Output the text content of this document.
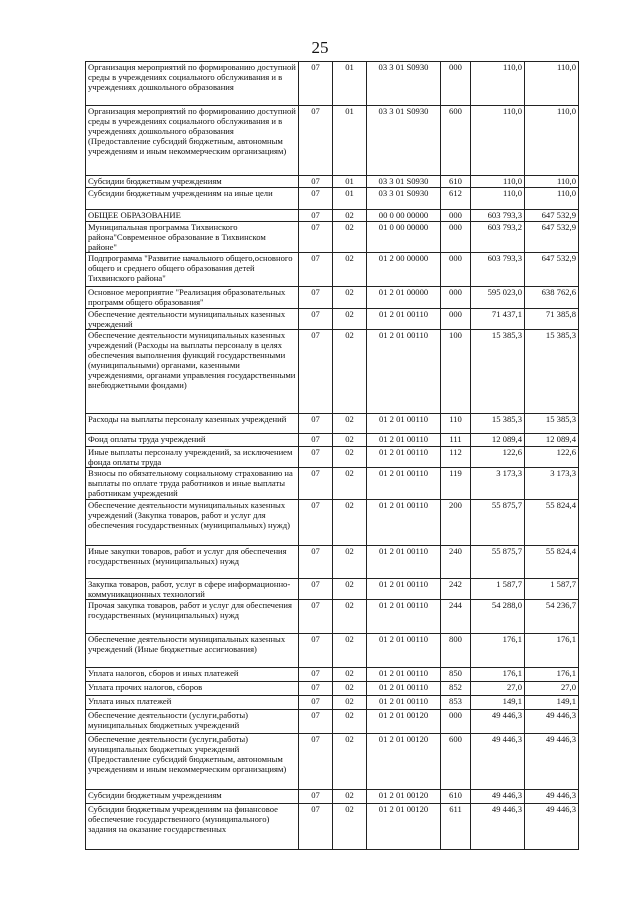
25
Организация мероприятий по формированию доступной среды в учреждениях социального обслуживания и в учреждениях дошкольного образования	07	01	03 3 01 S0930	000	110,0	110,0
Организация мероприятий по формированию доступной среды в учреждениях социального обслуживания и в учреждениях дошкольного образования (Предоставление субсидий бюджетным, автономным учреждениям и иным некоммерческим организациям)	07	01	03 3 01 S0930	600	110,0	110,0
Субсидии бюджетным учреждениям	07	01	03 3 01 S0930	610	110,0	110,0
Субсидии бюджетным учреждениям на иные цели	07	01	03 3 01 S0930	612	110,0	110,0
ОБЩЕЕ ОБРАЗОВАНИЕ	07	02	00 0 00 00000	000	603 793,3	647 532,9
Муниципальная программа Тихвинского района"Современное образование в Тихвинском районе"	07	02	01 0 00 00000	000	603 793,2	647 532,9
Подпрограмма "Развитие начального общего,основного общего и среднего общего образования детей Тихвинского района"	07	02	01 2 00 00000	000	603 793,3	647 532,9
Основное мероприятие "Реализация образовательных программ общего образования"	07	02	01 2 01 00000	000	595 023,0	638 762,6
Обеспечение деятельности муниципальных казенных учреждений	07	02	01 2 01 00110	000	71 437,1	71 385,8
Обеспечение деятельности муниципальных казенных учреждений (Расходы на выплаты персоналу в целях обеспечения выполнения функций государственными (муниципальными) органами, казенными учреждениями, органами управления государственными внебюджетными фондами)	07	02	01 2 01 00110	100	15 385,3	15 385,3
Расходы на выплаты персоналу казенных учреждений	07	02	01 2 01 00110	110	15 385,3	15 385,3
Фонд оплаты труда учреждений	07	02	01 2 01 00110	111	12 089,4	12 089,4
Иные выплаты персоналу учреждений, за исключением фонда оплаты труда	07	02	01 2 01 00110	112	122,6	122,6
Взносы по обязательному социальному страхованию на выплаты по оплате труда работников и иные выплаты работникам учреждений	07	02	01 2 01 00110	119	3 173,3	3 173,3
Обеспечение деятельности муниципальных казенных учреждений (Закупка товаров, работ и услуг для обеспечения государственных (муниципальных) нужд)	07	02	01 2 01 00110	200	55 875,7	55 824,4
Иные закупки товаров, работ и услуг для обеспечения государственных (муниципальных) нужд	07	02	01 2 01 00110	240	55 875,7	55 824,4
Закупка товаров, работ, услуг в сфере информационно-коммуникационных технологий	07	02	01 2 01 00110	242	1 587,7	1 587,7
Прочая закупка товаров, работ и услуг для обеспечения государственных (муниципальных) нужд	07	02	01 2 01 00110	244	54 288,0	54 236,7
Обеспечение деятельности муниципальных казенных учреждений (Иные бюджетные ассигнования)	07	02	01 2 01 00110	800	176,1	176,1
Уплата налогов, сборов и иных платежей	07	02	01 2 01 00110	850	176,1	176,1
Уплата прочих налогов, сборов	07	02	01 2 01 00110	852	27,0	27,0
Уплата иных платежей	07	02	01 2 01 00110	853	149,1	149,1
Обеспечение деятельности (услуги,работы) муниципальных бюджетных учреждений	07	02	01 2 01 00120	000	49 446,3	49 446,3
Обеспечение деятельности (услуги,работы) муниципальных бюджетных учреждений (Предоставление субсидий бюджетным, автономным учреждениям и иным некоммерческим организациям)	07	02	01 2 01 00120	600	49 446,3	49 446,3
Субсидии бюджетным учреждениям	07	02	01 2 01 00120	610	49 446,3	49 446,3
Субсидии бюджетным учреждениям на финансовое обеспечение государственного (муниципального) задания на оказание государственных	07	02	01 2 01 00120	611	49 446,3	49 446,3
